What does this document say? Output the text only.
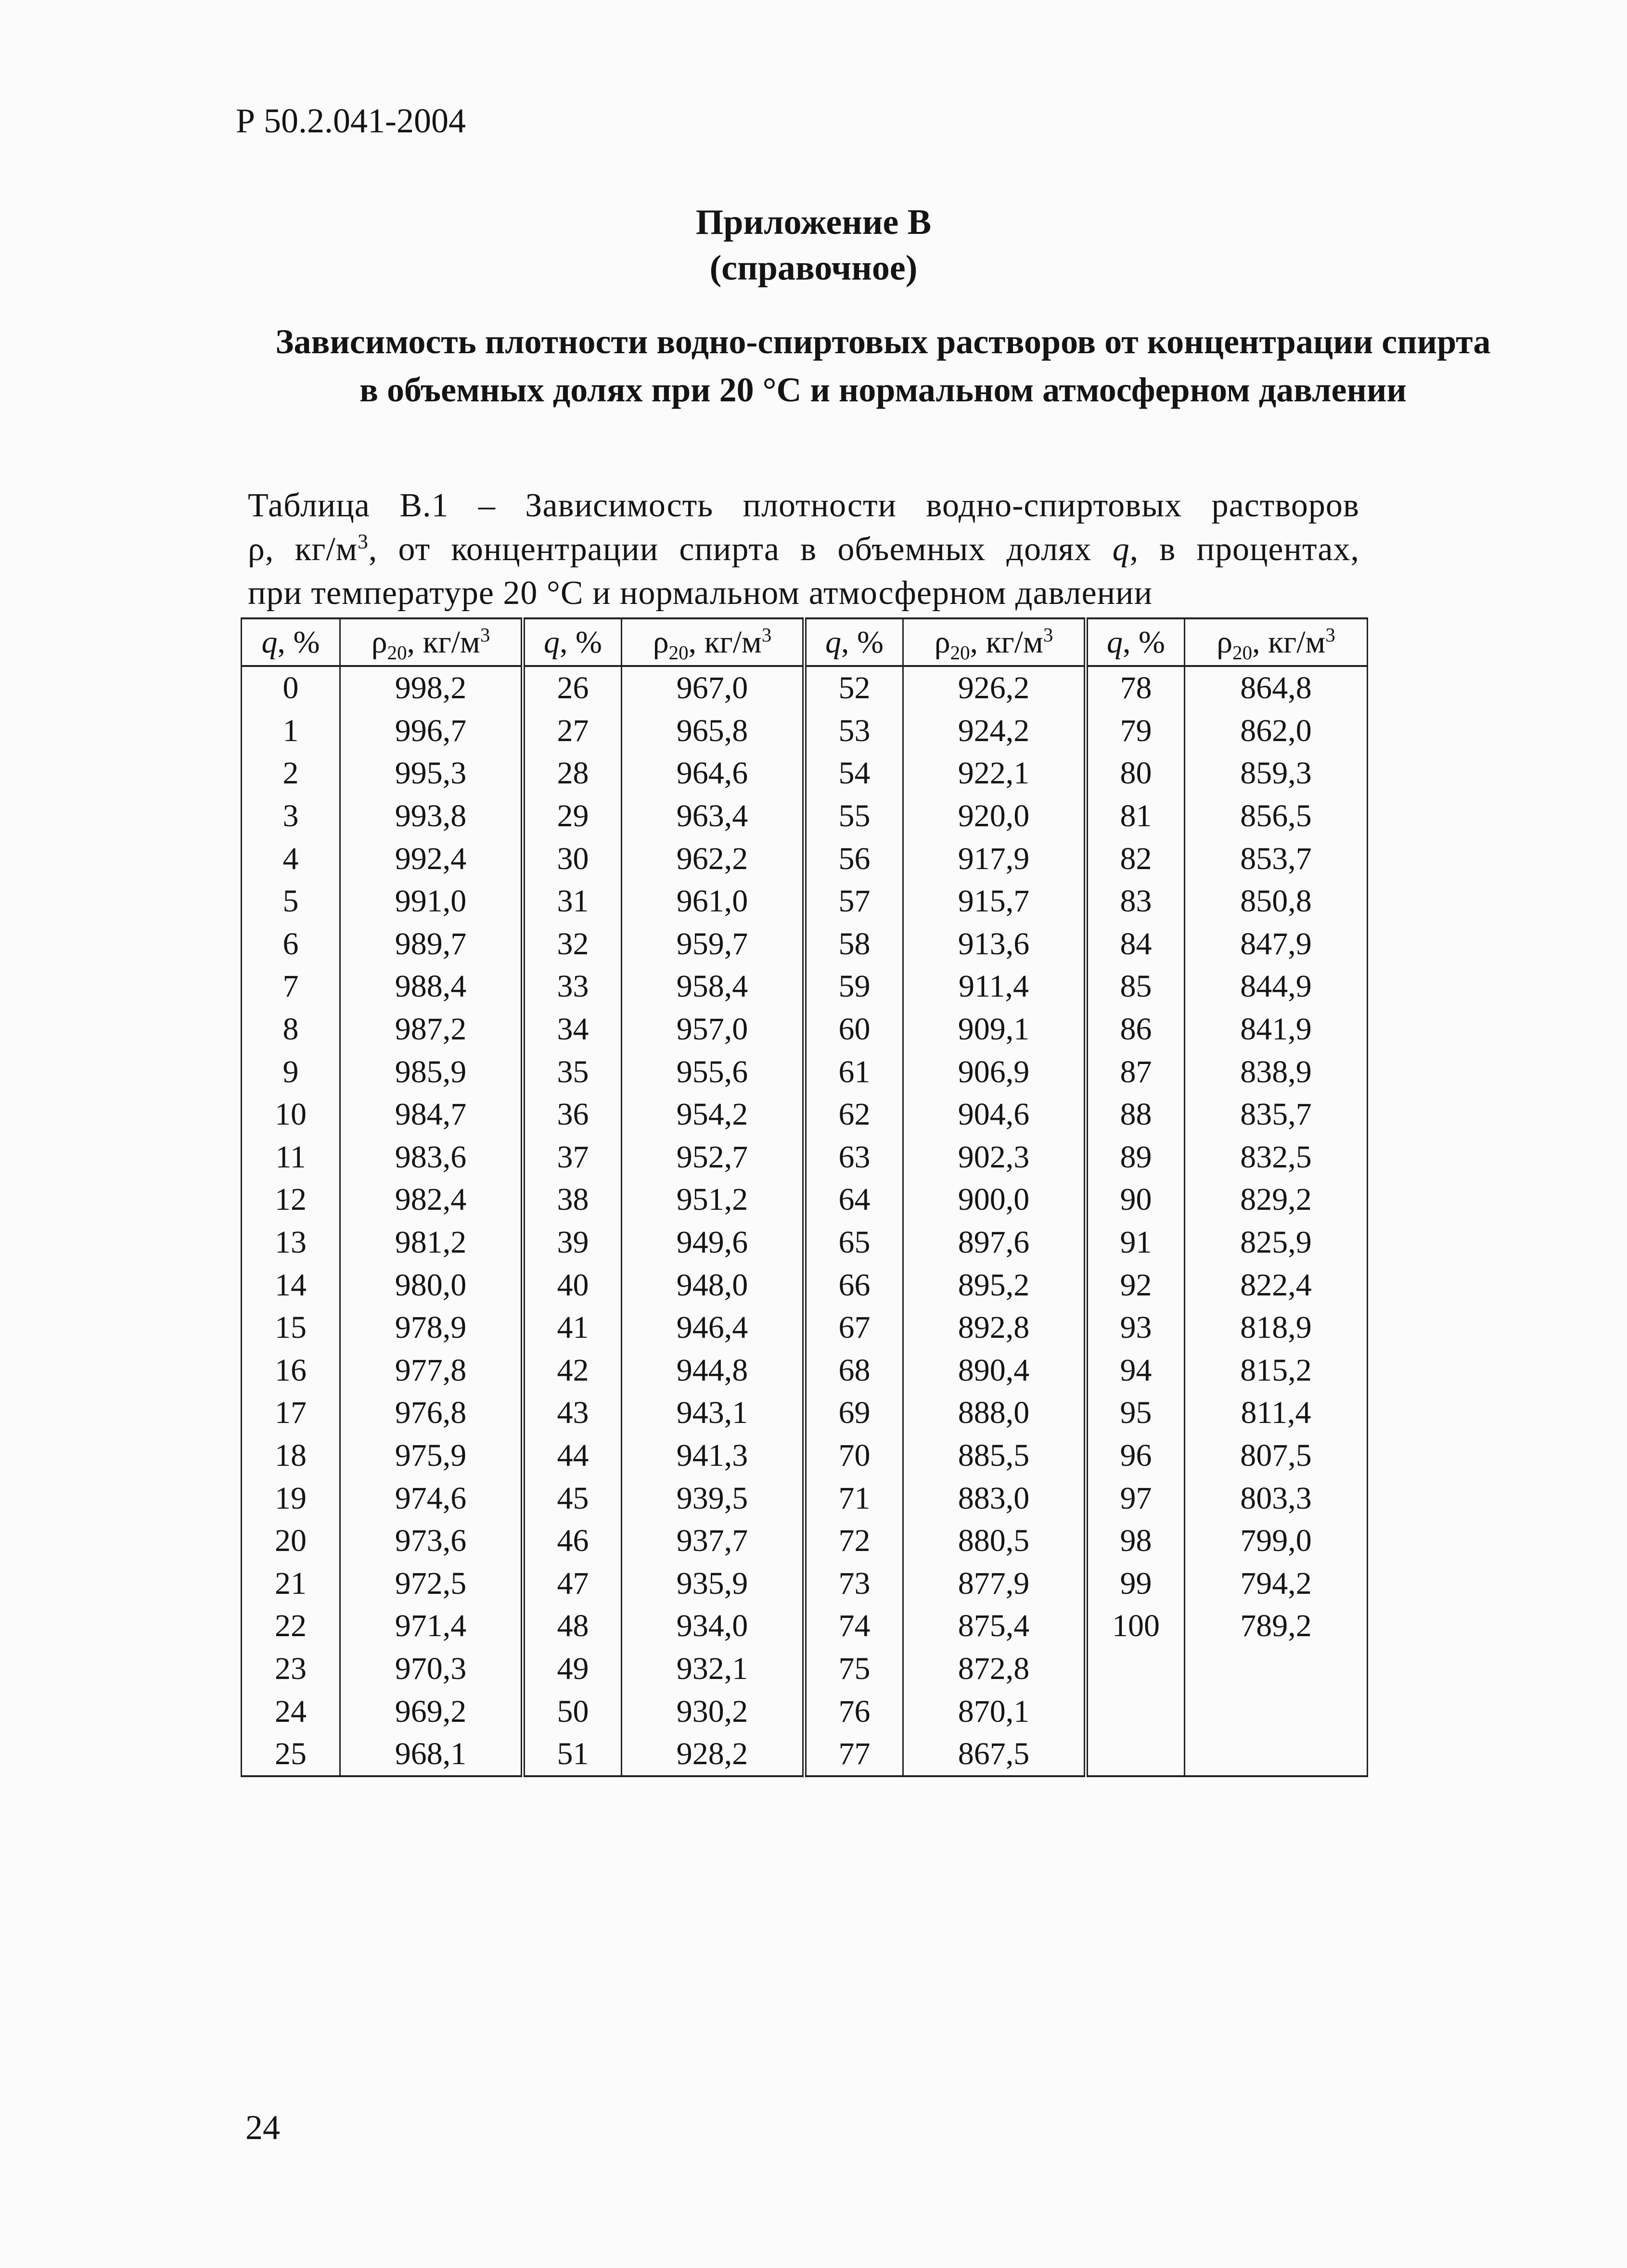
Р 50.2.041-2004
Приложение В
(справочное)
Зависимость плотности водно-спиртовых растворов от концентрации спирта в объемных долях при 20 °С и нормальном атмосферном давлении
Таблица В.1 – Зависимость плотности водно-спиртовых растворов
ρ, $кг/м^3$, от концентрации спирта в объемных долях q, в процентах,
при температуре 20 °С и нормальном атмосферном давлении
q, %	$\rho_{20}$, $кг/м^3$	q, %	$\rho_{20}$, $кг/м^3$	q, %	$\rho_{20}$, $кг/м^3$	q, %	$\rho_{20}$, $кг/м^3$
0	998,2	26	967,0	52	926,2	78	864,8
1	996,7	27	965,8	53	924,2	79	862,0
2	995,3	28	964,6	54	922,1	80	859,3
3	993,8	29	963,4	55	920,0	81	856,5
4	992,4	30	962,2	56	917,9	82	853,7
5	991,0	31	961,0	57	915,7	83	850,8
6	989,7	32	959,7	58	913,6	84	847,9
7	988,4	33	958,4	59	911,4	85	844,9
8	987,2	34	957,0	60	909,1	86	841,9
9	985,9	35	955,6	61	906,9	87	838,9
10	984,7	36	954,2	62	904,6	88	835,7
11	983,6	37	952,7	63	902,3	89	832,5
12	982,4	38	951,2	64	900,0	90	829,2
13	981,2	39	949,6	65	897,6	91	825,9
14	980,0	40	948,0	66	895,2	92	822,4
15	978,9	41	946,4	67	892,8	93	818,9
16	977,8	42	944,8	68	890,4	94	815,2
17	976,8	43	943,1	69	888,0	95	811,4
18	975,9	44	941,3	70	885,5	96	807,5
19	974,6	45	939,5	71	883,0	97	803,3
20	973,6	46	937,7	72	880,5	98	799,0
21	972,5	47	935,9	73	877,9	99	794,2
22	971,4	48	934,0	74	875,4	100	789,2
23	970,3	49	932,1	75	872,8		
24	969,2	50	930,2	76	870,1		
25	968,1	51	928,2	77	867,5		
24
